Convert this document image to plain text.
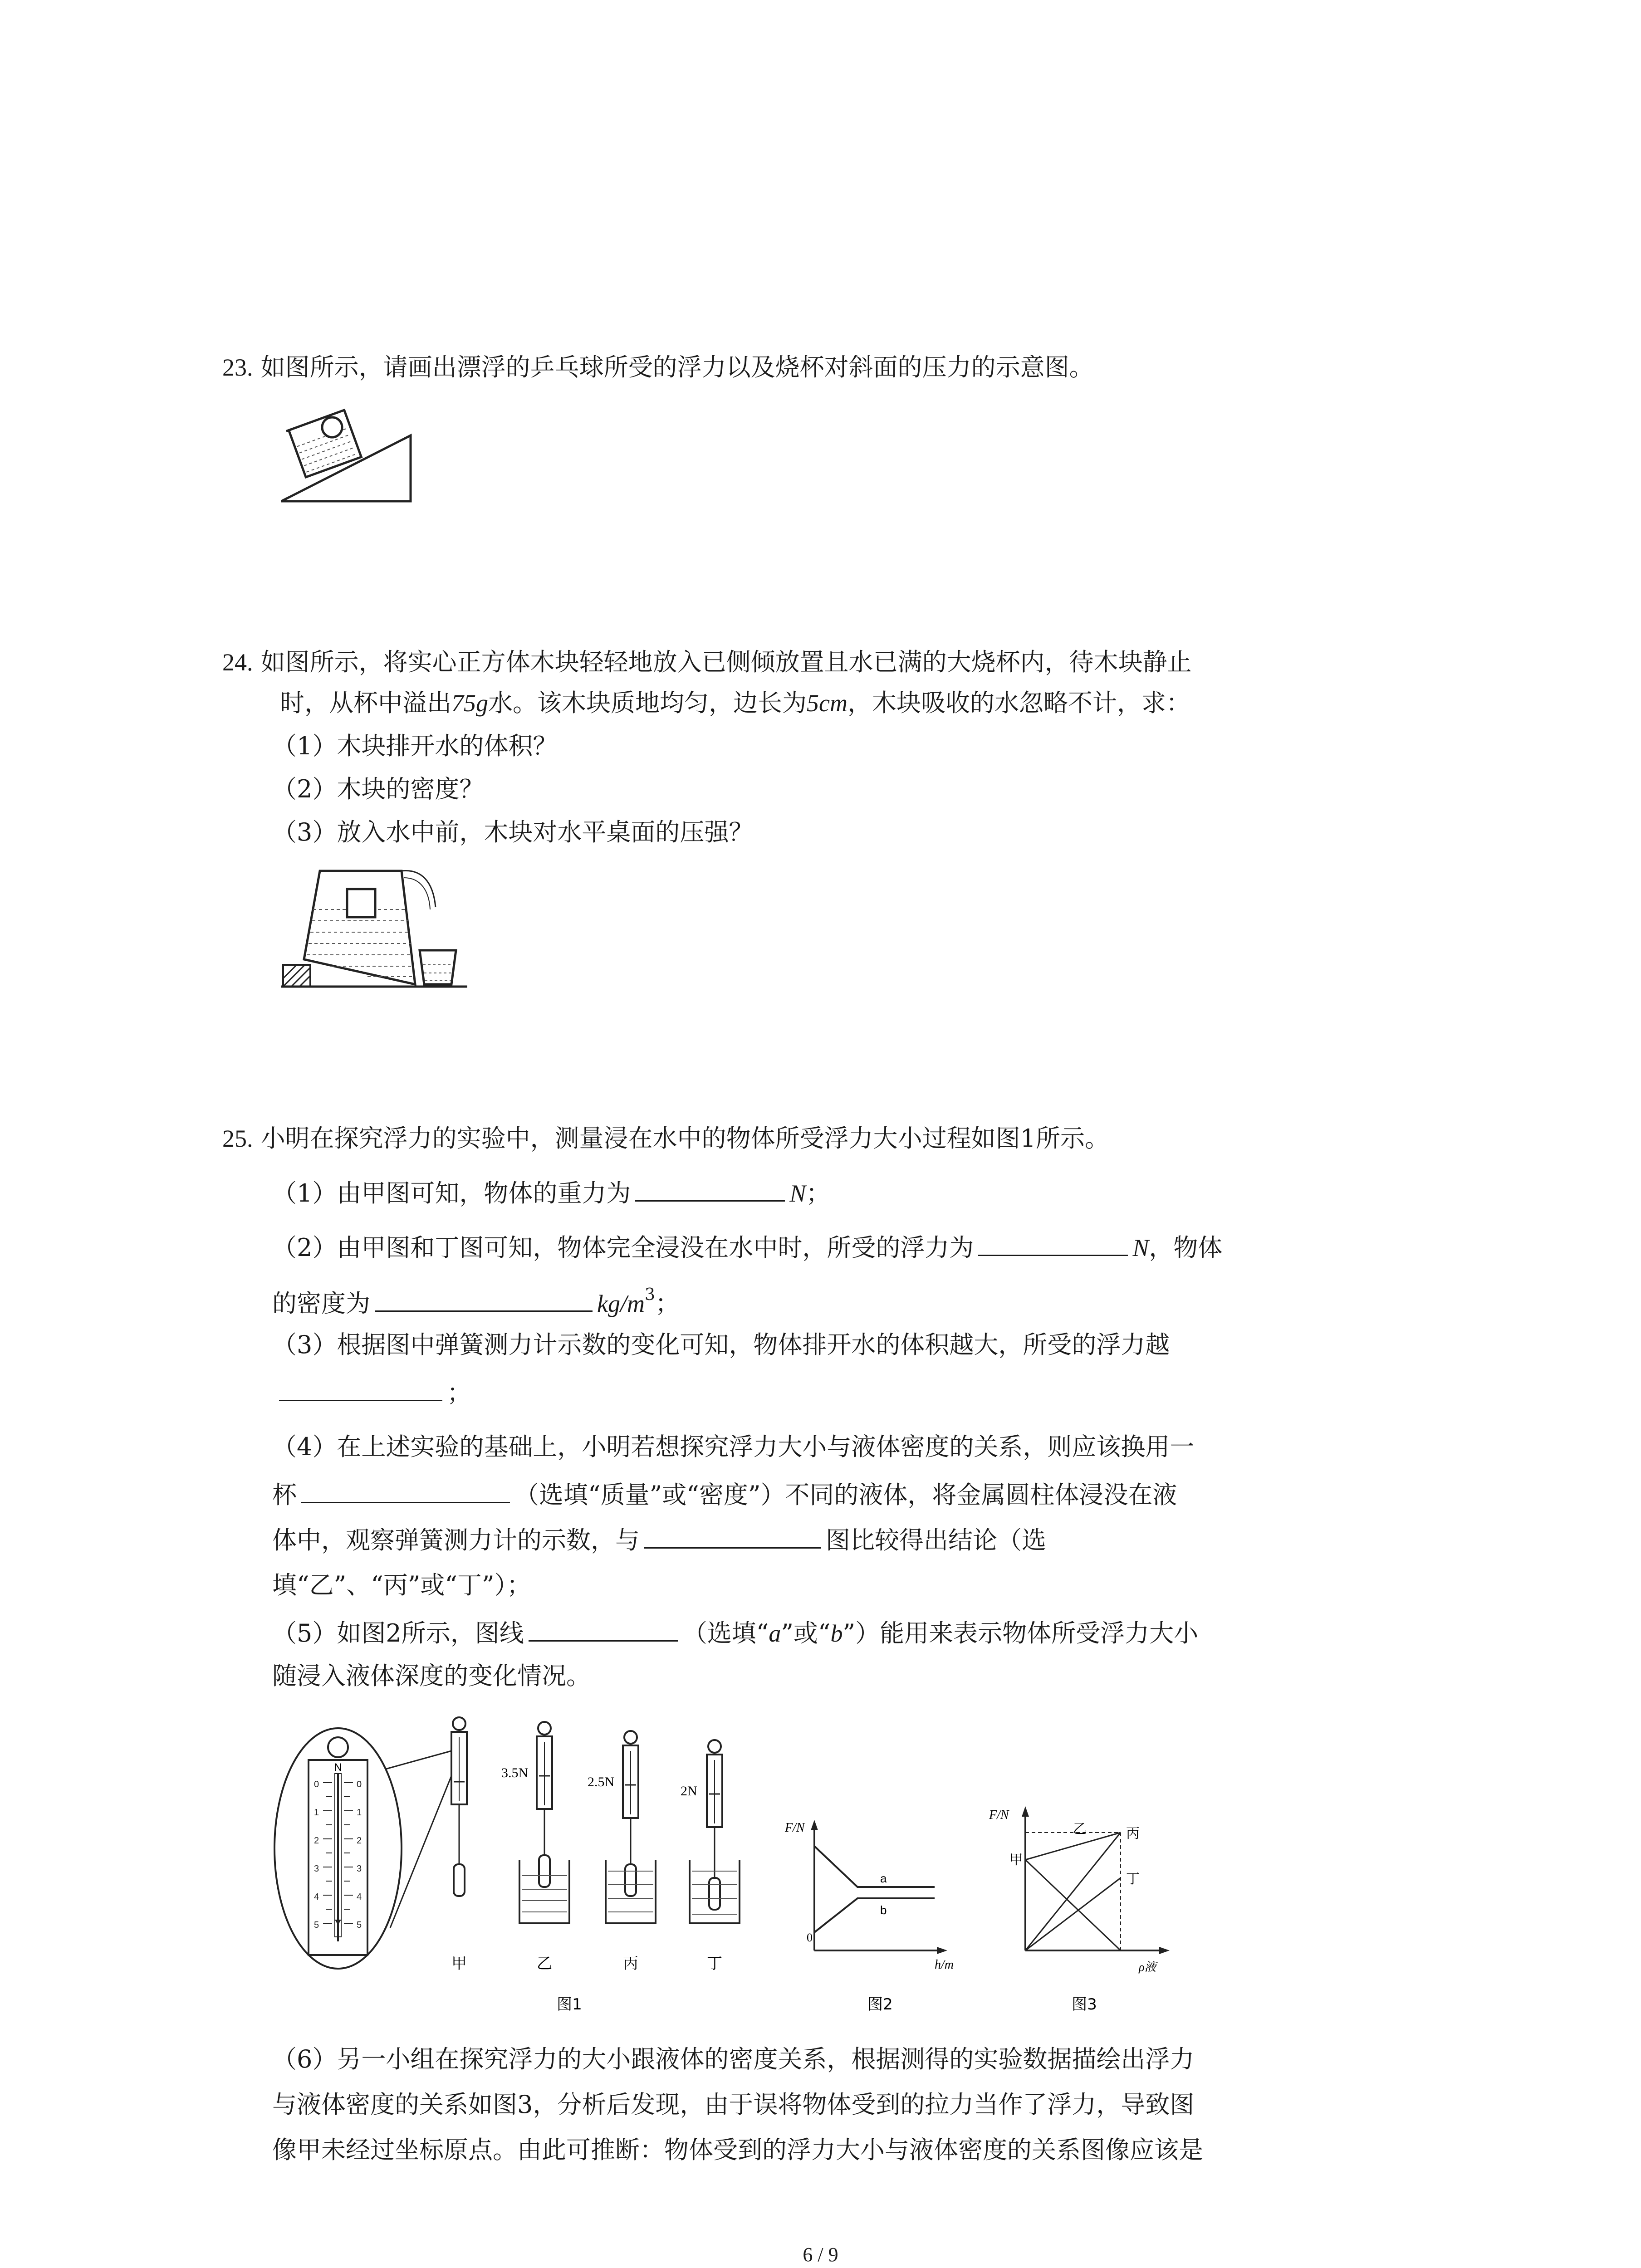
23. 如图所示，请画出漂浮的乒乓球所受的浮力以及烧杯对斜面的压力的示意图。
24. 如图所示，将实心正方体木块轻轻地放入已侧倾放置且水已满的大烧杯内，待木块静止
时，从杯中溢出75g水。该木块质地均匀，边长为5cm，木块吸收的水忽略不计，求：
（1）木块排开水的体积？
（2）木块的密度？
（3）放入水中前，木块对水平桌面的压强？
25. 小明在探究浮力的实验中，测量浸在水中的物体所受浮力大小过程如图1所示。
（1）由甲图可知，物体的重力为	N；
（2）由甲图和丁图可知，物体完全浸没在水中时，所受的浮力为	N，物体
的密度为	$kg/m^3$；
（3）根据图中弹簧测力计示数的变化可知，物体排开水的体积越大，所受的浮力越
；
（4）在上述实验的基础上，小明若想探究浮力大小与液体密度的关系，则应该换用一
杯	（选填“质量”或“密度”）不同的液体，将金属圆柱体浸没在液
体中，观察弹簧测力计的示数，与	图比较得出结论（选
填“乙”、“丙”或“丁”）；
（5）如图2所示，图线	（选填“a”或“b”）能用来表示物体所受浮力大小
随浸入液体深度的变化情况。
N
0
1
2
3
4
5
0
1
2
3
4
5
3.5N
2.5N
2N
甲	乙	丙	丁
图1
F/N
h/m
0
a
b
图2
F/N
ρ液
甲
乙	丙
丁
图3
（6）另一小组在探究浮力的大小跟液体的密度关系，根据测得的实验数据描绘出浮力
与液体密度的关系如图3，分析后发现，由于误将物体受到的拉力当作了浮力，导致图
像甲未经过坐标原点。由此可推断：物体受到的浮力大小与液体密度的关系图像应该是
6 / 9
